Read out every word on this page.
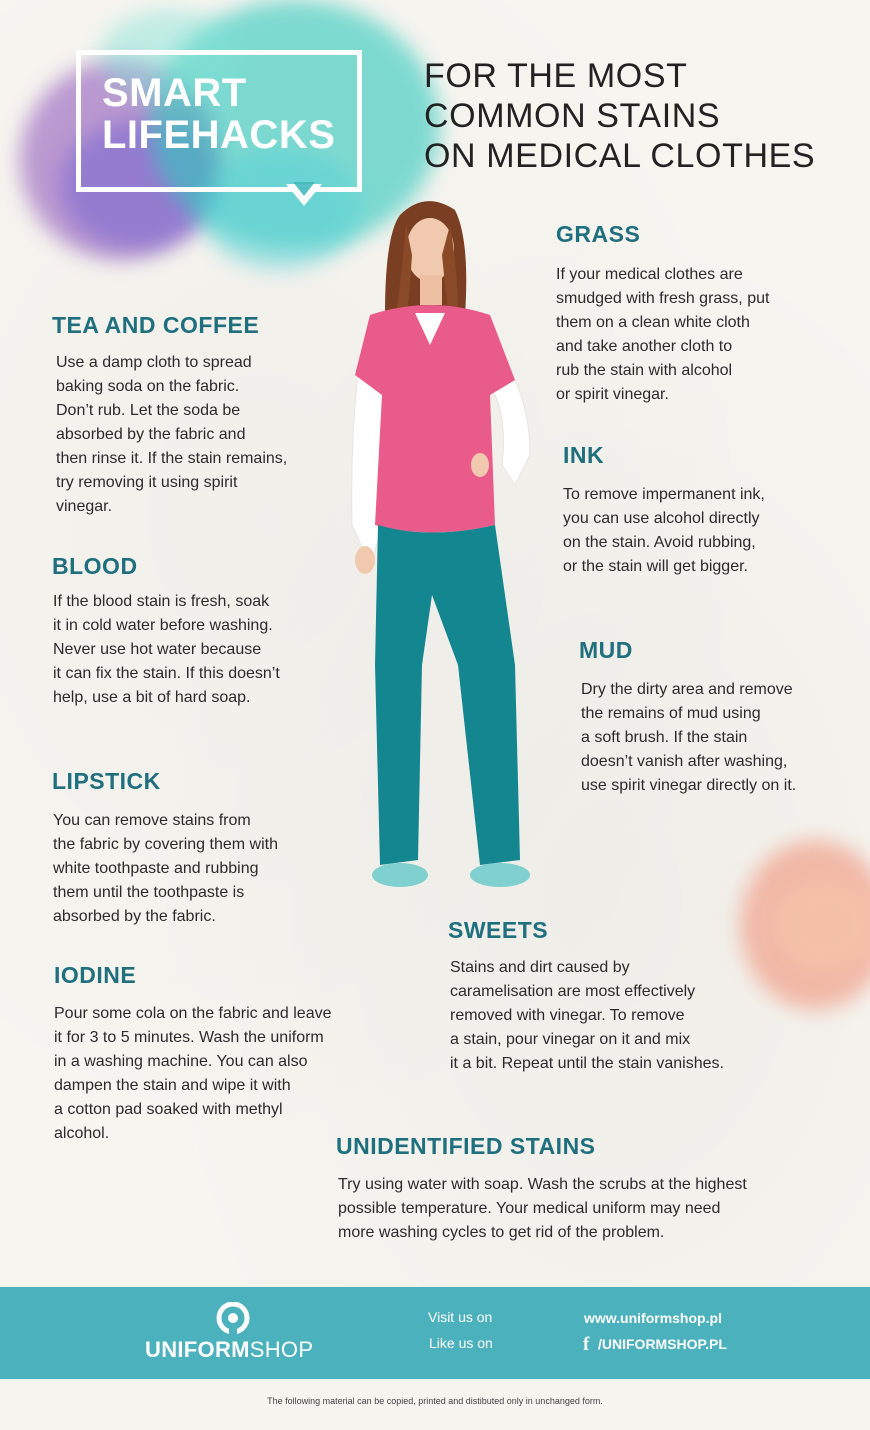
SMART
LIFEHACKS
FOR THE MOST
COMMON STAINS
ON MEDICAL CLOTHES
TEA AND COFFEE
Use a damp cloth to spread
baking soda on the fabric.
Don’t rub. Let the soda be
absorbed by the fabric and
then rinse it. If the stain remains,
try removing it using spirit
vinegar.
BLOOD
If the blood stain is fresh, soak
it in cold water before washing.
Never use hot water because
it can fix the stain. If this doesn’t
help, use a bit of hard soap.
LIPSTICK
You can remove stains from
the fabric by covering them with
white toothpaste and rubbing
them until the toothpaste is
absorbed by the fabric.
IODINE
Pour some cola on the fabric and leave
it for 3 to 5 minutes. Wash the uniform
in a washing machine. You can also
dampen the stain and wipe it with
a cotton pad soaked with methyl
alcohol.
GRASS
If your medical clothes are
smudged with fresh grass, put
them on a clean white cloth
and take another cloth to
rub the stain with alcohol
or spirit vinegar.
INK
To remove impermanent ink,
you can use alcohol directly
on the stain. Avoid rubbing,
or the stain will get bigger.
MUD
Dry the dirty area and remove
the remains of mud using
a soft brush. If the stain
doesn’t vanish after washing,
use spirit vinegar directly on it.
SWEETS
Stains and dirt caused by
caramelisation are most effectively
removed with vinegar. To remove
a stain, pour vinegar on it and mix
it a bit. Repeat until the stain vanishes.
UNIDENTIFIED STAINS
Try using water with soap. Wash the scrubs at the highest
possible temperature. Your medical uniform may need
more washing cycles to get rid of the problem.
UNIFORMSHOP
Visit us on
Like us on
www.uniformshop.pl
f /UNIFORMSHOP.PL
The following material can be copied, printed and distibuted only in unchanged form.
